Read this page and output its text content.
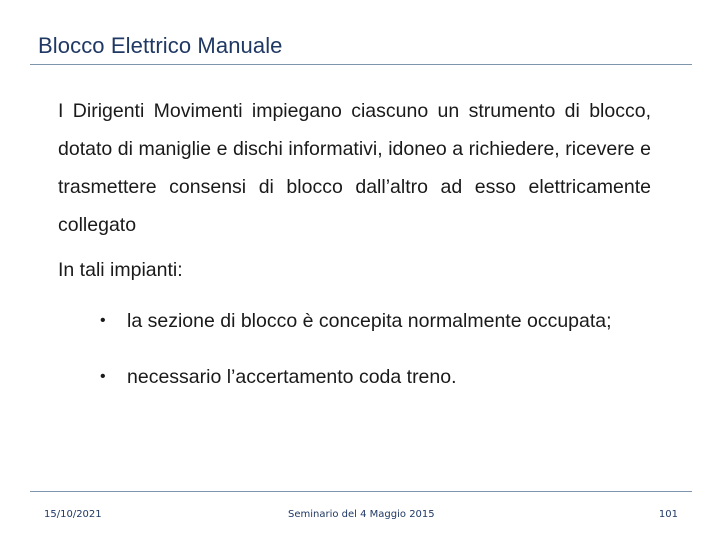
Blocco Elettrico Manuale

I Dirigenti Movimenti impiegano ciascuno un strumento di blocco, dotato di maniglie e dischi informativi, idoneo a richiedere, ricevere e trasmettere consensi di blocco dall’altro ad esso elettricamente collegato

In tali impianti:

• la sezione di blocco è concepita normalmente occupata;
• necessario l’accertamento coda treno.
15/10/2021	Seminario del 4 Maggio 2015	101
